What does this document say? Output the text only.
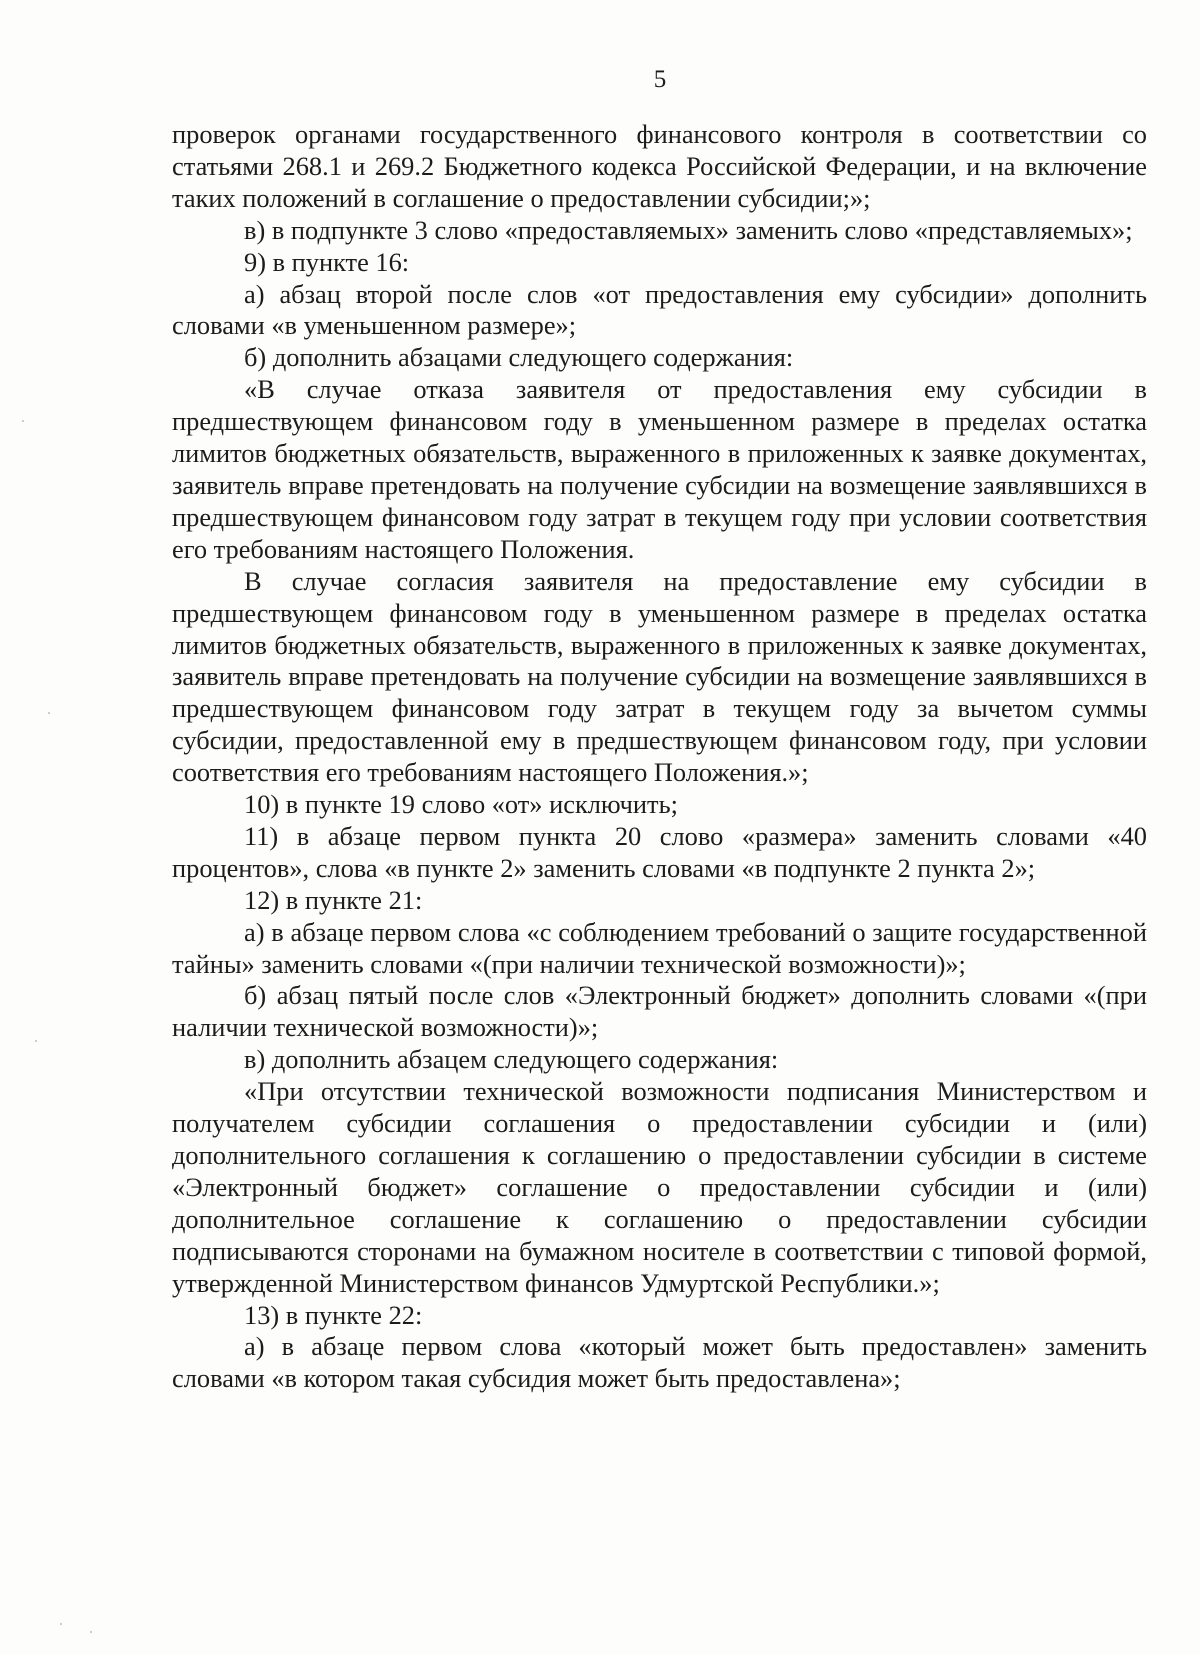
5

проверок органами государственного финансового контроля в соответствии со статьями 268.1 и 269.2 Бюджетного кодекса Российской Федерации, и на включение таких положений в соглашение о предоставлении субсидии;»;

в) в подпункте 3 слово «предоставляемых» заменить слово «представляемых»;

9) в пункте 16:

а) абзац второй после слов «от предоставления ему субсидии» дополнить словами «в уменьшенном размере»;

б) дополнить абзацами следующего содержания:

«В случае отказа заявителя от предоставления ему субсидии в предшествующем финансовом году в уменьшенном размере в пределах остатка лимитов бюджетных обязательств, выраженного в приложенных к заявке документах, заявитель вправе претендовать на получение субсидии на возмещение заявлявшихся в предшествующем финансовом году затрат в текущем году при условии соответствия его требованиям настоящего Положения.

В случае согласия заявителя на предоставление ему субсидии в предшествующем финансовом году в уменьшенном размере в пределах остатка лимитов бюджетных обязательств, выраженного в приложенных к заявке документах, заявитель вправе претендовать на получение субсидии на возмещение заявлявшихся в предшествующем финансовом году затрат в текущем году за вычетом суммы субсидии, предоставленной ему в предшествующем финансовом году, при условии соответствия его требованиям настоящего Положения.»;

10) в пункте 19 слово «от» исключить;

11) в абзаце первом пункта 20 слово «размера» заменить словами «40 процентов», слова «в пункте 2» заменить словами «в подпункте 2 пункта 2»;

12) в пункте 21:

а) в абзаце первом слова «с соблюдением требований о защите государственной тайны» заменить словами «(при наличии технической возможности)»;

б) абзац пятый после слов «Электронный бюджет» дополнить словами «(при наличии технической возможности)»;

в) дополнить абзацем следующего содержания:

«При отсутствии технической возможности подписания Министерством и получателем субсидии соглашения о предоставлении субсидии и (или) дополнительного соглашения к соглашению о предоставлении субсидии в системе «Электронный бюджет» соглашение о предоставлении субсидии и (или) дополнительное соглашение к соглашению о предоставлении субсидии подписываются сторонами на бумажном носителе в соответствии с типовой формой, утвержденной Министерством финансов Удмуртской Республики.»;

13) в пункте 22:

а) в абзаце первом слова «который может быть предоставлен» заменить словами «в котором такая субсидия может быть предоставлена»;
